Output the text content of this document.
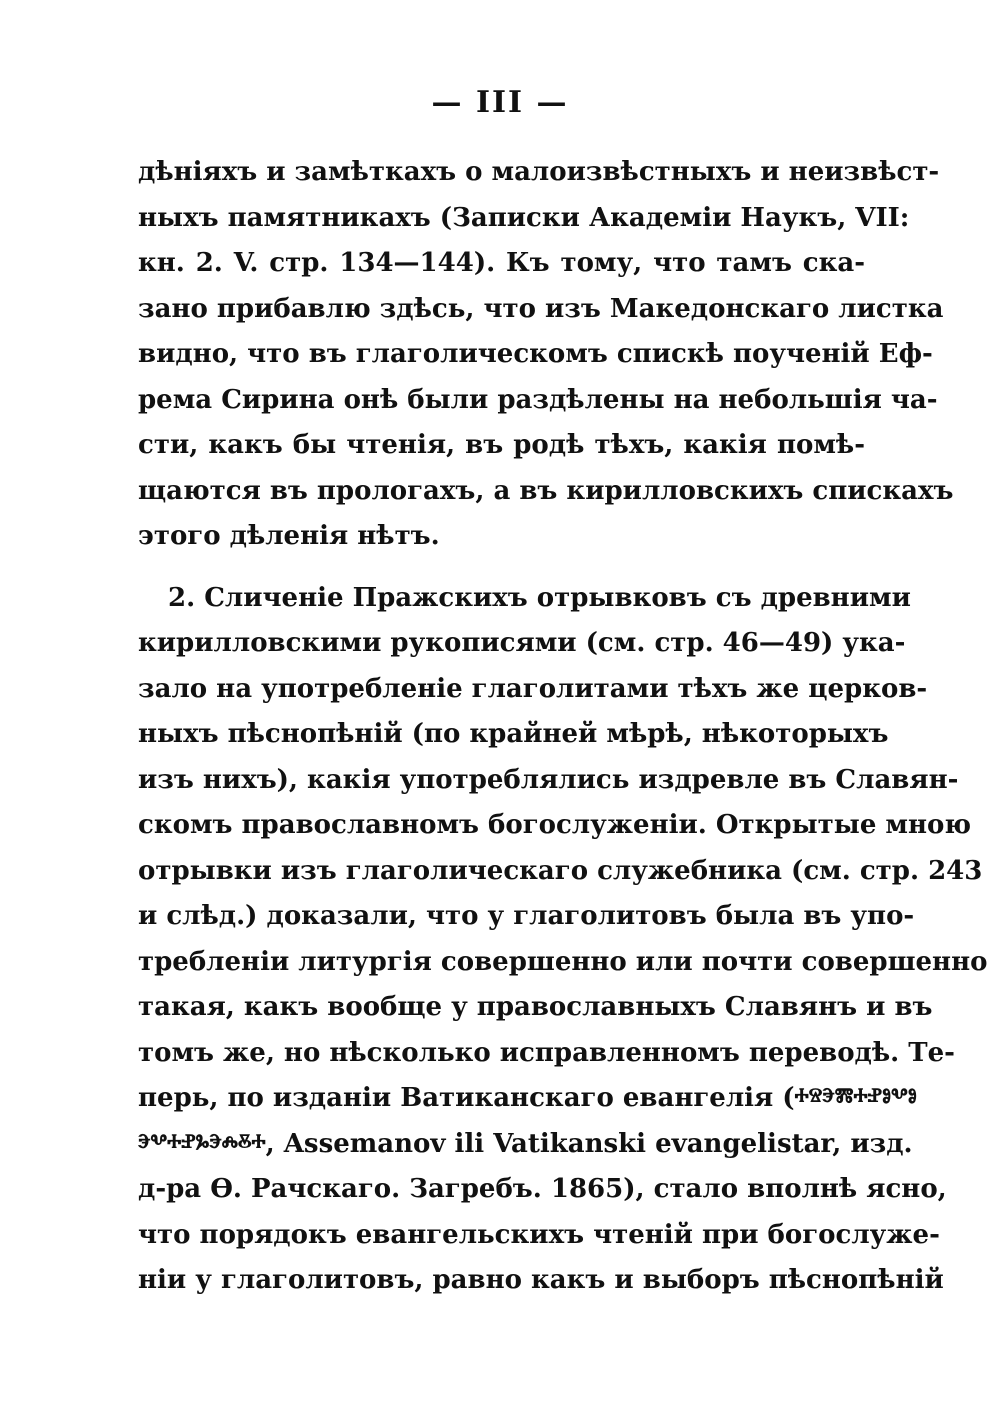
— III —
дѣніяхъ и замѣткахъ о малоизвѣстныхъ и неизвѣст-
ныхъ памятникахъ (Записки Академіи Наукъ, VII:
кн. 2. V. стр. 134—144). Къ тому, что тамъ ска-
зано прибавлю здѣсь, что изъ Македонскаго листка
видно, что въ глаголическомъ спискѣ поученій Еф-
рема Сирина онѣ были раздѣлены на небольшія ча-
сти, какъ бы чтенія, въ родѣ тѣхъ, какія помѣ-
щаются въ прологахъ, а въ кирилловскихъ спискахъ
этого дѣленія нѣтъ.
2. Сличеніе Пражскихъ отрывковъ съ древними
кирилловскими рукописями (см. стр. 46—49) ука-
зало на употребленіе глаголитами тѣхъ же церков-
ныхъ пѣснопѣній (по крайней мѣрѣ, нѣкоторыхъ
изъ нихъ), какія употреблялись издревле въ Славян-
скомъ православномъ богослуженіи. Открытые мною
отрывки изъ глаголическаго служебника (см. стр. 243
и слѣд.) доказали, что у глаголитовъ была въ упо-
требленіи литургія совершенно или почти совершенно
такая, какъ вообще у православныхъ Славянъ и въ
томъ же, но нѣсколько исправленномъ переводѣ. Те-
перь, по изданіи Ватиканскаго евангелія (ⰰⱄⰵⰿⰰⱀⱁⰲⱁ
ⰵⰲⰰⱀⰳⰵⰾⰻⰰ, Assemanov ili Vatikanski evangelistar, изд.
д-ра Ѳ. Рачскаго. Загребъ. 1865), стало вполнѣ ясно,
что порядокъ евангельскихъ чтеній при богослуже-
ніи у глаголитовъ, равно какъ и выборъ пѣснопѣній
